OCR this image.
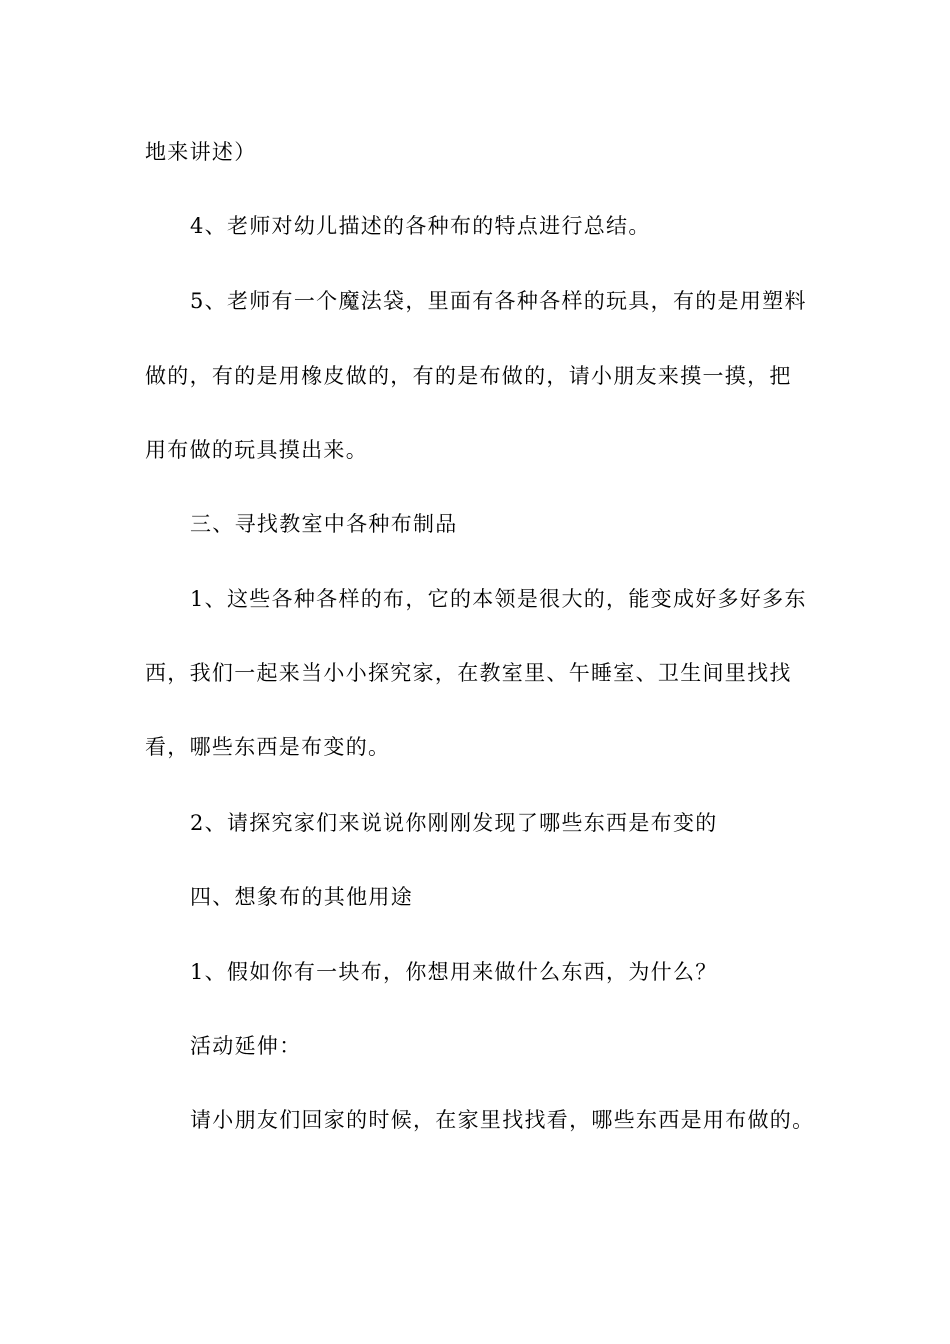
地来讲述）
4、老师对幼儿描述的各种布的特点进行总结。
5、老师有一个魔法袋，里面有各种各样的玩具，有的是用塑料
做的，有的是用橡皮做的，有的是布做的，请小朋友来摸一摸，把
用布做的玩具摸出来。
三、寻找教室中各种布制品
1、这些各种各样的布，它的本领是很大的，能变成好多好多东
西，我们一起来当小小探究家，在教室里、午睡室、卫生间里找找
看，哪些东西是布变的。
2、请探究家们来说说你刚刚发现了哪些东西是布变的
四、想象布的其他用途
1、假如你有一块布，你想用来做什么东西，为什么？
活动延伸：
请小朋友们回家的时候，在家里找找看，哪些东西是用布做的。
